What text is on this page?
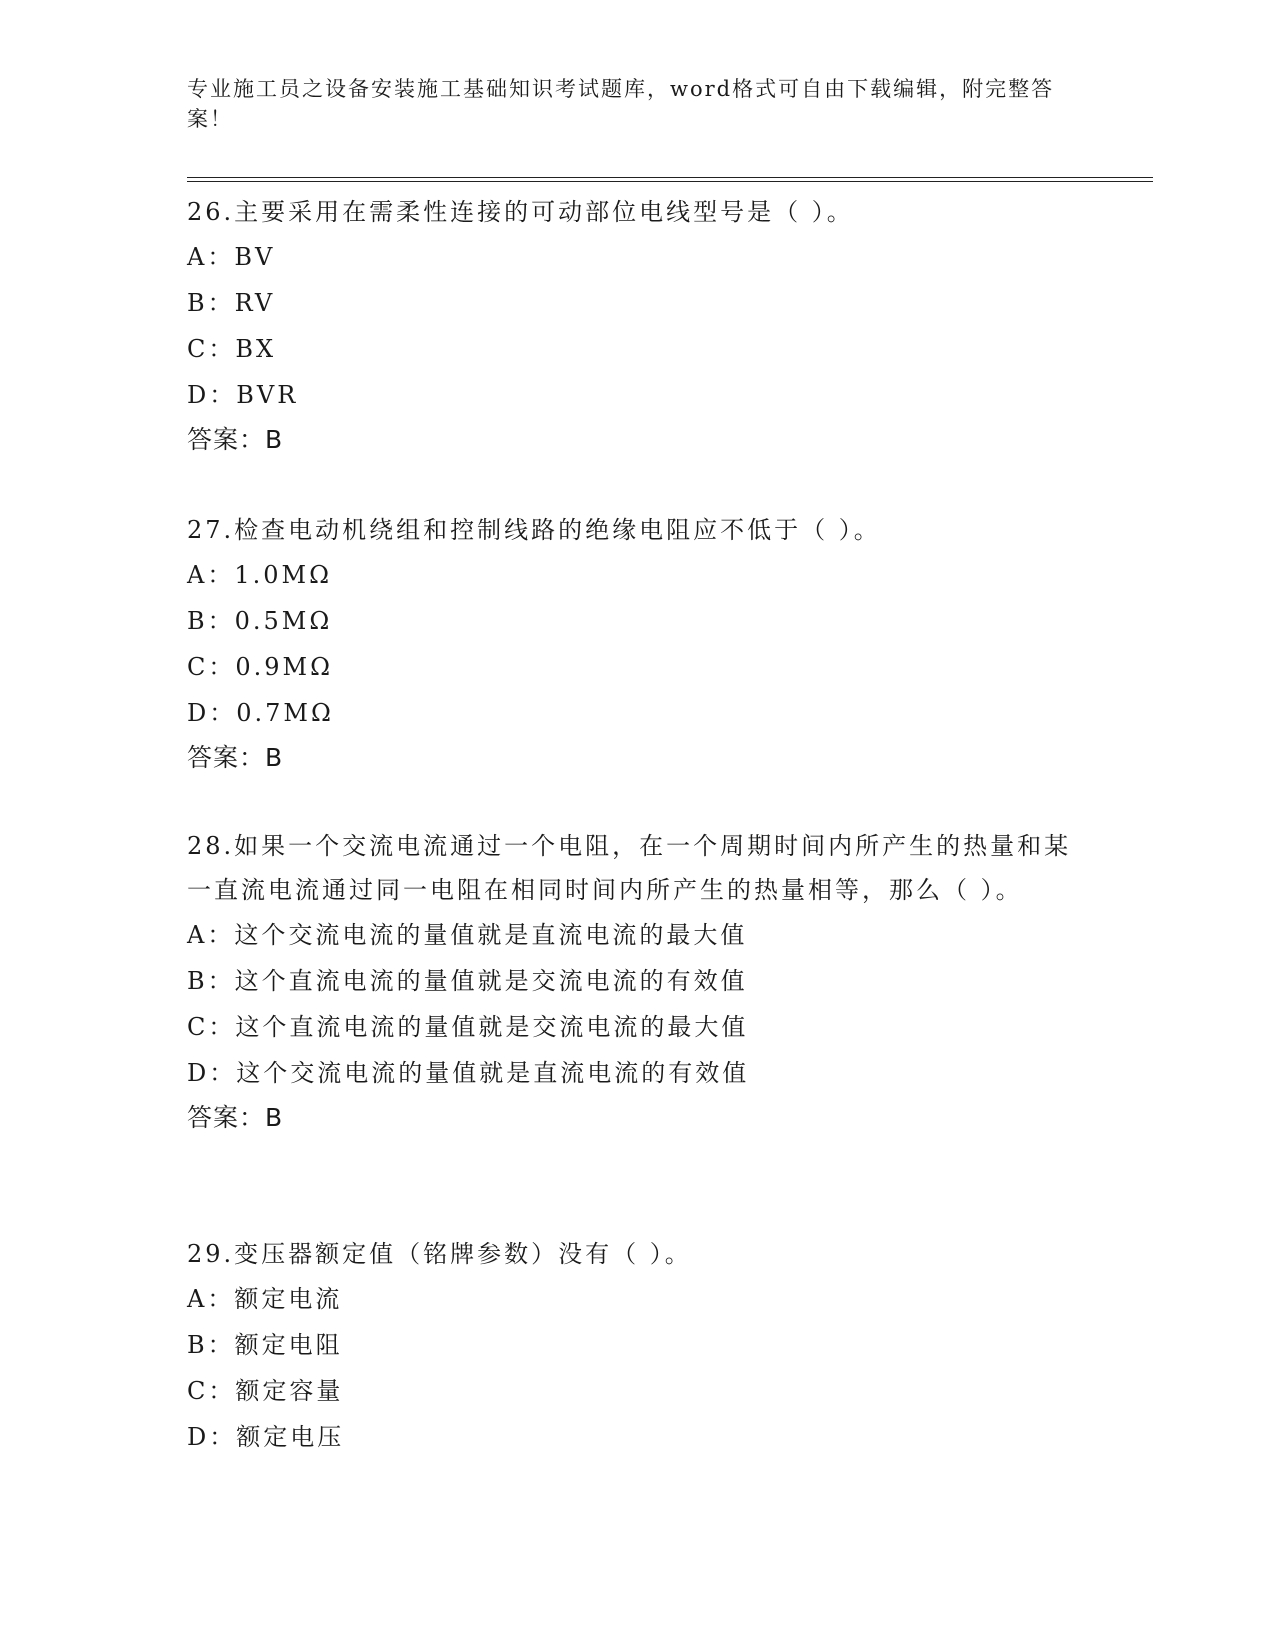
专业施工员之设备安装施工基础知识考试题库，word格式可自由下载编辑，附完整答案！

26.主要采用在需柔性连接的可动部位电线型号是（ ）。

A：BV

B：RV

C：BX

D：BVR

答案：B

27.检查电动机绕组和控制线路的绝缘电阻应不低于（ ）。

A：1.0MΩ

B：0.5MΩ

C：0.9MΩ

D：0.7MΩ

答案：B

28.如果一个交流电流通过一个电阻，在一个周期时间内所产生的热量和某一直流电流通过同一电阻在相同时间内所产生的热量相等，那么（ ）。

A：这个交流电流的量值就是直流电流的最大值

B：这个直流电流的量值就是交流电流的有效值

C：这个直流电流的量值就是交流电流的最大值

D：这个交流电流的量值就是直流电流的有效值

答案：B

29.变压器额定值（铭牌参数）没有（ ）。

A：额定电流

B：额定电阻

C：额定容量

D：额定电压
